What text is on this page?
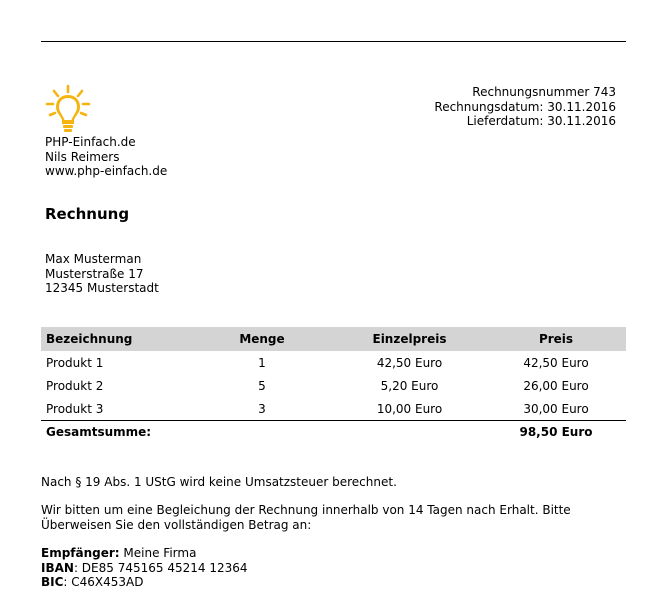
PHP-Einfach.de
Nils Reimers
www.php-einfach.de
Rechnungsnummer 743
Rechnungsdatum: 30.11.2016
Lieferdatum: 30.11.2016
Rechnung
Max Musterman
Musterstraße 17
12345 Musterstadt
Bezeichnung	Menge	Einzelpreis	Preis
Produkt 1	1	42,50 Euro	42,50 Euro
Produkt 2	5	5,20 Euro	26,00 Euro
Produkt 3	3	10,00 Euro	30,00 Euro
Gesamtsumme:			98,50 Euro
Nach § 19 Abs. 1 UStG wird keine Umsatzsteuer berechnet.
Wir bitten um eine Begleichung der Rechnung innerhalb von 14 Tagen nach Erhalt. Bitte Überweisen Sie den vollständigen Betrag an:
Empfänger: Meine Firma
IBAN: DE85 745165 45214 12364
BIC: C46X453AD
